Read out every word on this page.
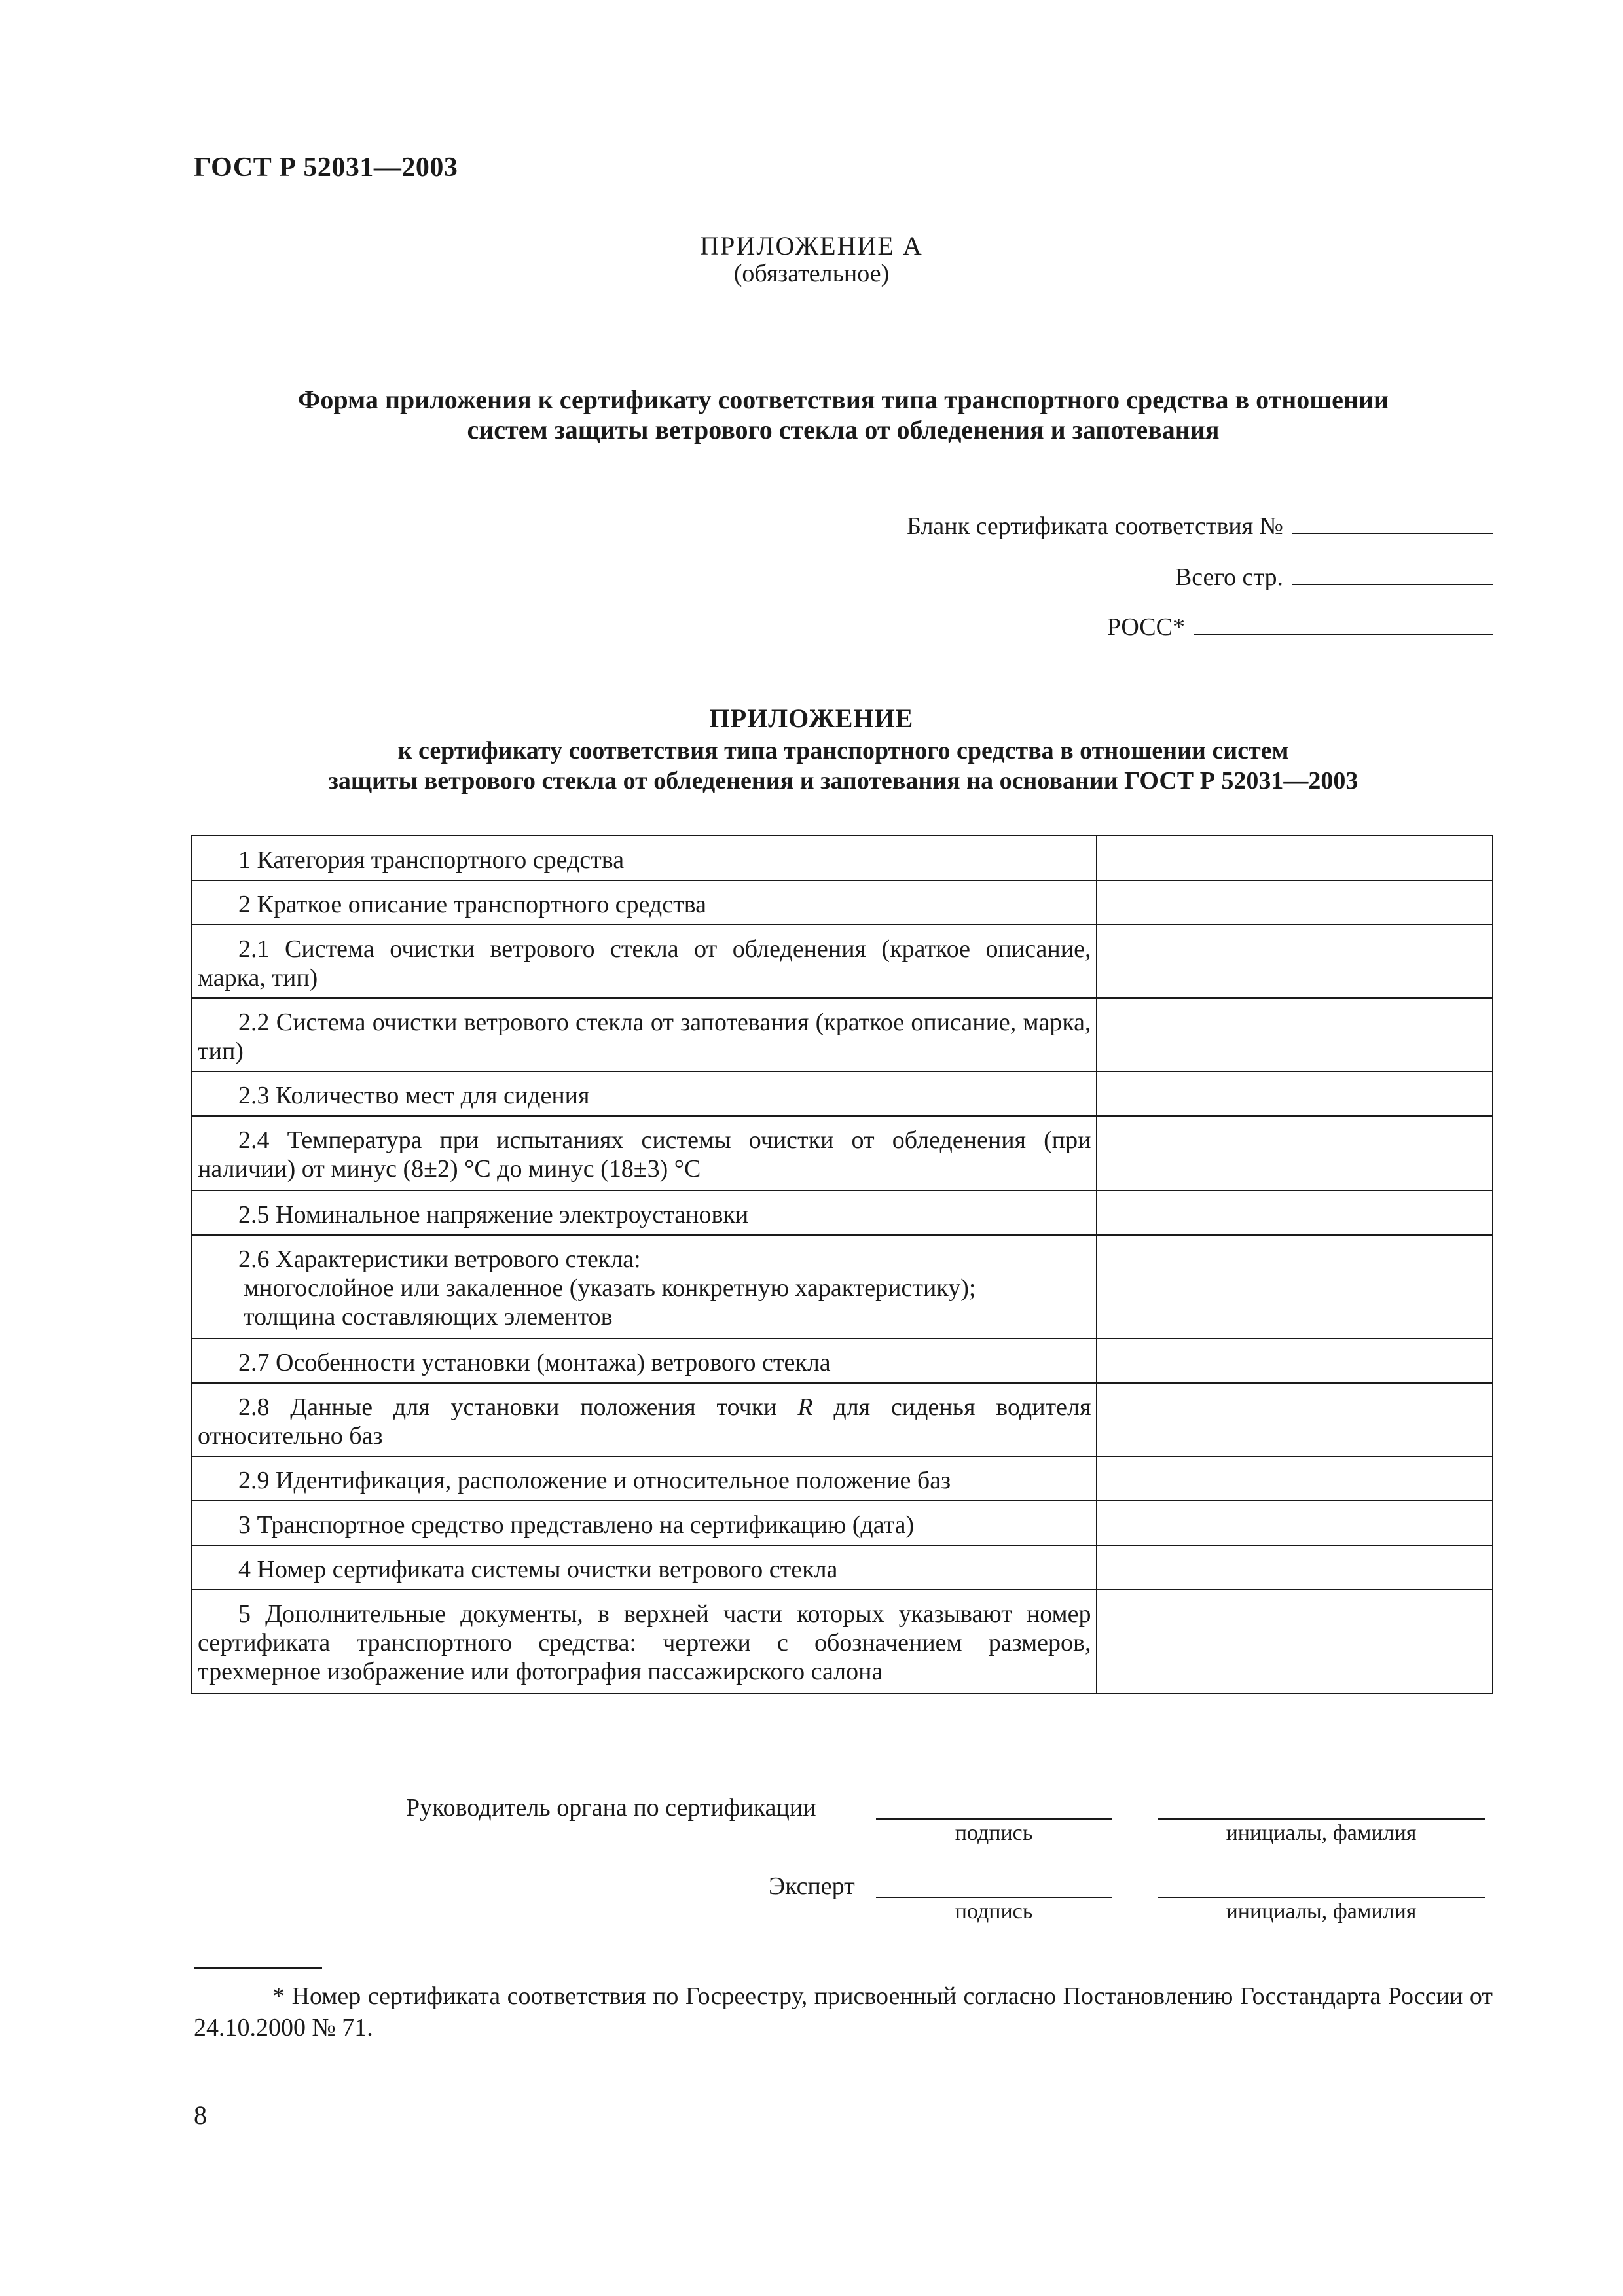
ГОСТ Р 52031—2003
ПРИЛОЖЕНИЕ А
(обязательное)
Форма приложения к сертификату соответствия типа транспортного средства в отношении
систем защиты ветрового стекла от обледенения и запотевания
Бланк сертификата соответствия №
Всего стр.
РОСС*
ПРИЛОЖЕНИЕ
к сертификату соответствия типа транспортного средства в отношении систем
защиты ветрового стекла от обледенения и запотевания на основании ГОСТ Р 52031—2003
1 Категория транспортного средства	

2 Краткое описание транспортного средства	

2.1 Система очистки ветрового стекла от обледенения (краткое описание, марка, тип)	
2.2 Система очистки ветрового стекла от запотевания (краткое описание, марка, тип)	

2.3 Количество мест для сидения	

2.4 Температура при испытаниях системы очистки от обледенения (при наличии) от минус (8±2) °С до минус (18±3) °С	

2.5 Номинальное напряжение электроустановки	

2.6 Характеристики ветрового стекла:
многослойное или закаленное (указать конкретную характеристику);
толщина составляющих элементов	

2.7 Особенности установки (монтажа) ветрового стекла	

2.8 Данные для установки положения точки R для сиденья водителя относительно баз	

2.9 Идентификация, расположение и относительное положение баз	

3 Транспортное средство представлено на сертификацию (дата)	

4 Номер сертификата системы очистки ветрового стекла	

5 Дополнительные документы, в верхней части которых указывают номер сертификата транспортного средства: чертежи с обозначением размеров, трехмерное изображение или фотография пассажирского салона	
Руководитель органа по сертификации
подпись	инициалы, фамилия
Эксперт
подпись	инициалы, фамилия
* Номер сертификата соответствия по Госреестру, присвоенный согласно Постановлению Госстандарта России от 24.10.2000 № 71.
8
